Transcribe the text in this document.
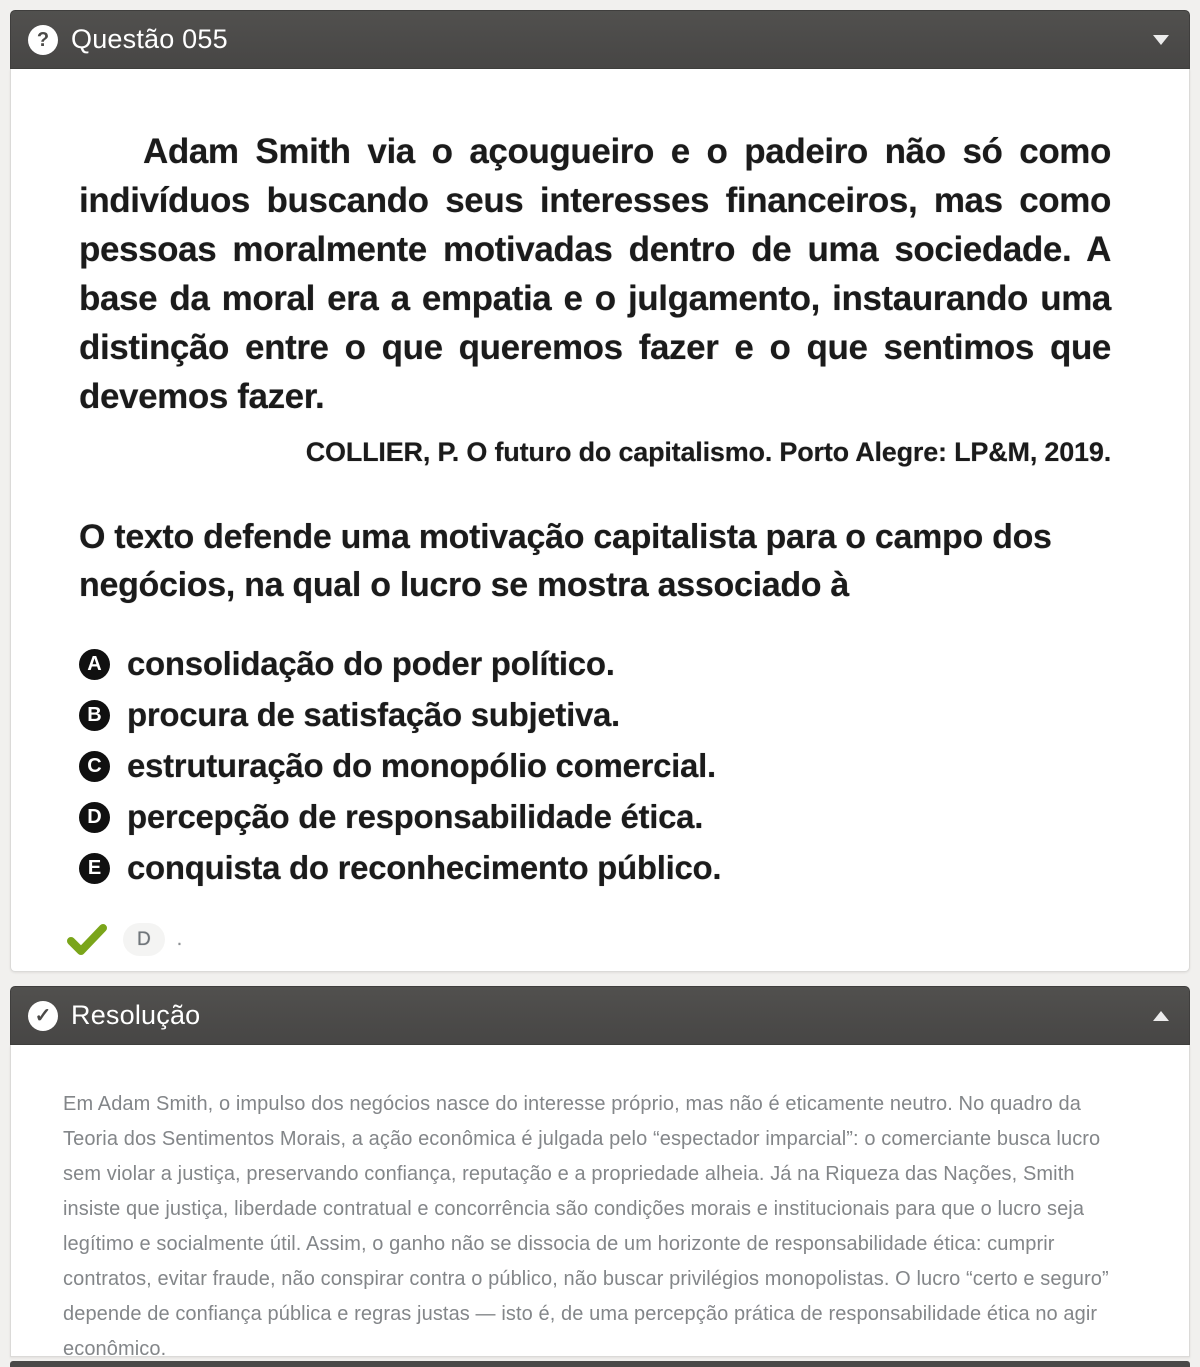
? Questão 055
Adam Smith via o açougueiro e o padeiro não só como indivíduos buscando seus interesses financeiros, mas como pessoas moralmente motivadas dentro de uma sociedade. A base da moral era a empatia e o julgamento, instaurando uma distinção entre o que queremos fazer e o que sentimos que devemos fazer.
COLLIER, P. O futuro do capitalismo. Porto Alegre: LP&M, 2019.
O texto defende uma motivação capitalista para o campo dos negócios, na qual o lucro se mostra associado à
A consolidação do poder político.
B procura de satisfação subjetiva.
C estruturação do monopólio comercial.
D percepção de responsabilidade ética.
E conquista do reconhecimento público.
D	.
✓ Resolução
Em Adam Smith, o impulso dos negócios nasce do interesse próprio, mas não é eticamente neutro. No quadro da Teoria dos Sentimentos Morais, a ação econômica é julgada pelo “espectador imparcial”: o comerciante busca lucro sem violar a justiça, preservando confiança, reputação e a propriedade alheia. Já na Riqueza das Nações, Smith insiste que justiça, liberdade contratual e concorrência são condições morais e institucionais para que o lucro seja legítimo e socialmente útil. Assim, o ganho não se dissocia de um horizonte de responsabilidade ética: cumprir contratos, evitar fraude, não conspirar contra o público, não buscar privilégios monopolistas. O lucro “certo e seguro” depende de confiança pública e regras justas — isto é, de uma percepção prática de responsabilidade ética no agir econômico.
